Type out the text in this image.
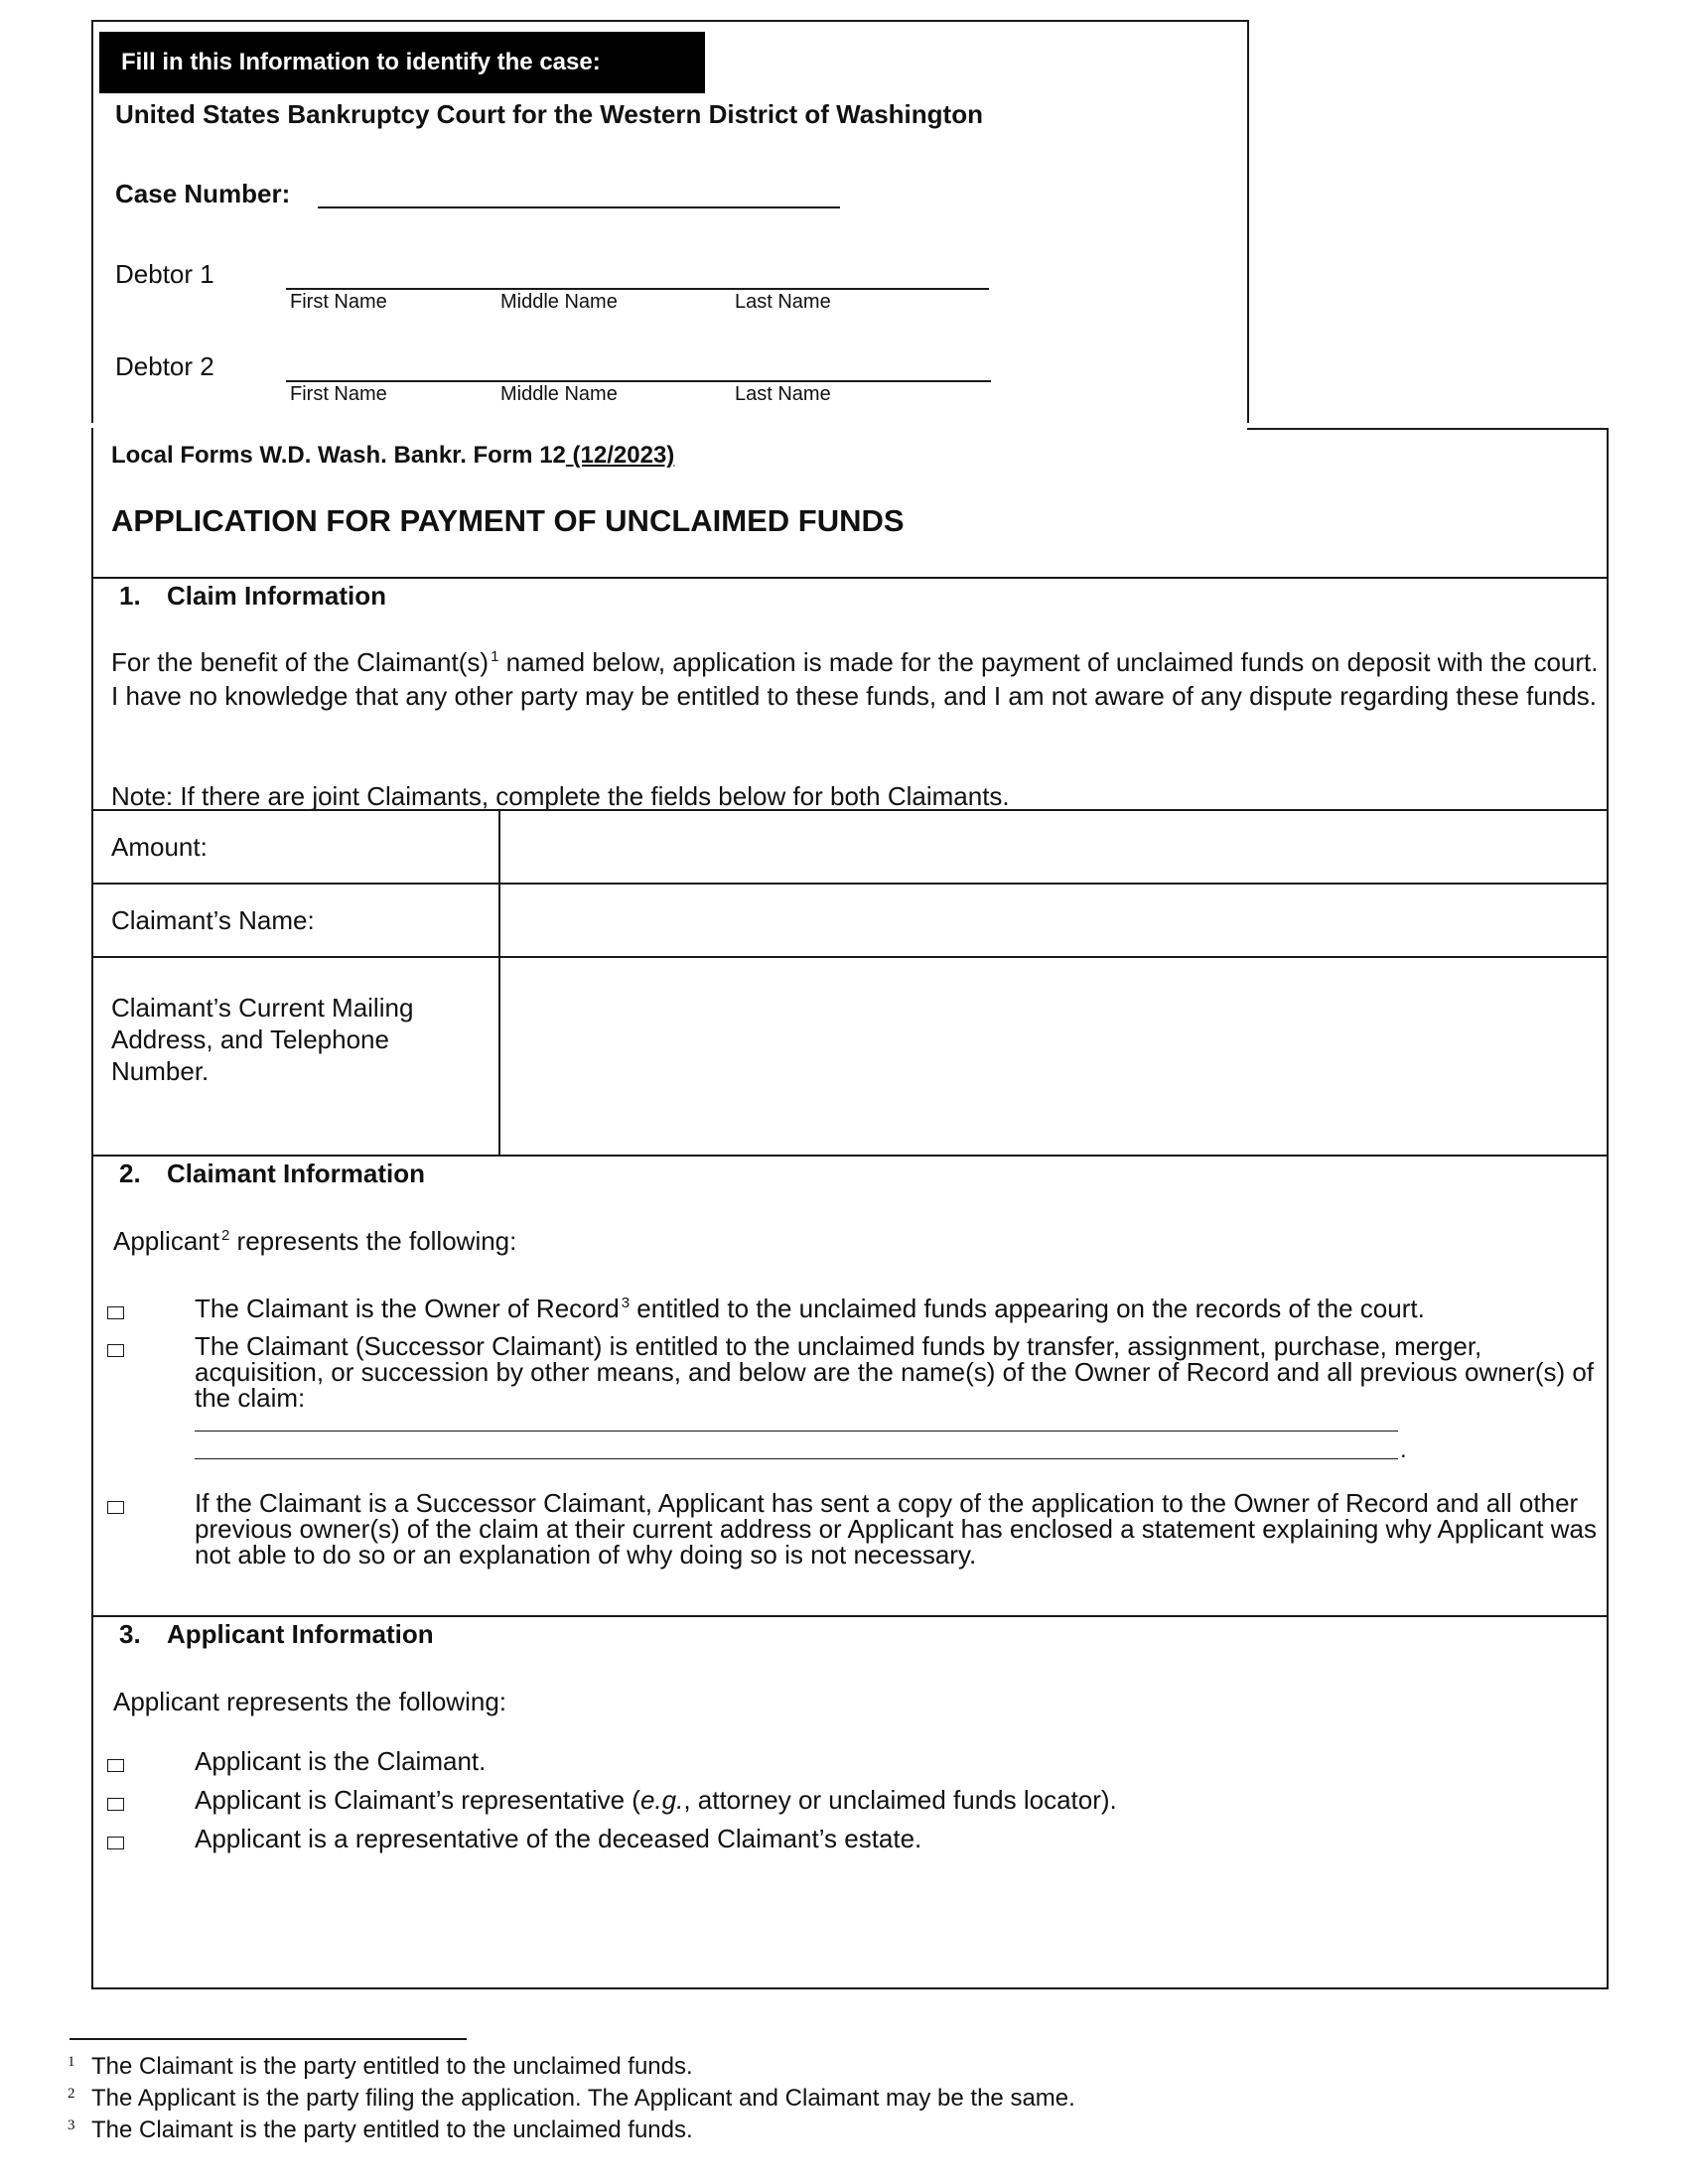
Fill in this Information to identify the case:
United States Bankruptcy Court for the Western District of Washington
Case Number:
Debtor 1
First Name	Middle Name	Last Name
Debtor 2
First Name	Middle Name	Last Name
Local Forms W.D. Wash. Bankr. Form 12 (12/2023)
APPLICATION FOR PAYMENT OF UNCLAIMED FUNDS
1. Claim Information
For the benefit of the Claimant(s) $^1$ named below, application is made for the payment of unclaimed funds on deposit with the court. I have no knowledge that any other party may be entitled to these funds, and I am not aware of any dispute regarding these funds.
Note: If there are joint Claimants, complete the fields below for both Claimants.
Amount:
Claimant’s Name:
Claimant’s Current Mailing Address, and Telephone Number.
2. Claimant Information
Applicant $^2$ represents the following:
The Claimant is the Owner of Record $^3$ entitled to the unclaimed funds appearing on the records of the court.
The Claimant (Successor Claimant) is entitled to the unclaimed funds by transfer, assignment, purchase, merger, acquisition, or succession by other means, and below are the name(s) of the Owner of Record and all previous owner(s) of the claim:
.
If the Claimant is a Successor Claimant, Applicant has sent a copy of the application to the Owner of Record and all other previous owner(s) of the claim at their current address or Applicant has enclosed a statement explaining why Applicant was not able to do so or an explanation of why doing so is not necessary.
3. Applicant Information
Applicant represents the following:
Applicant is the Claimant.
Applicant is Claimant’s representative (e.g., attorney or unclaimed funds locator).
Applicant is a representative of the deceased Claimant’s estate.
1 The Claimant is the party entitled to the unclaimed funds.
2 The Applicant is the party filing the application. The Applicant and Claimant may be the same.
3 The Claimant is the party entitled to the unclaimed funds.
